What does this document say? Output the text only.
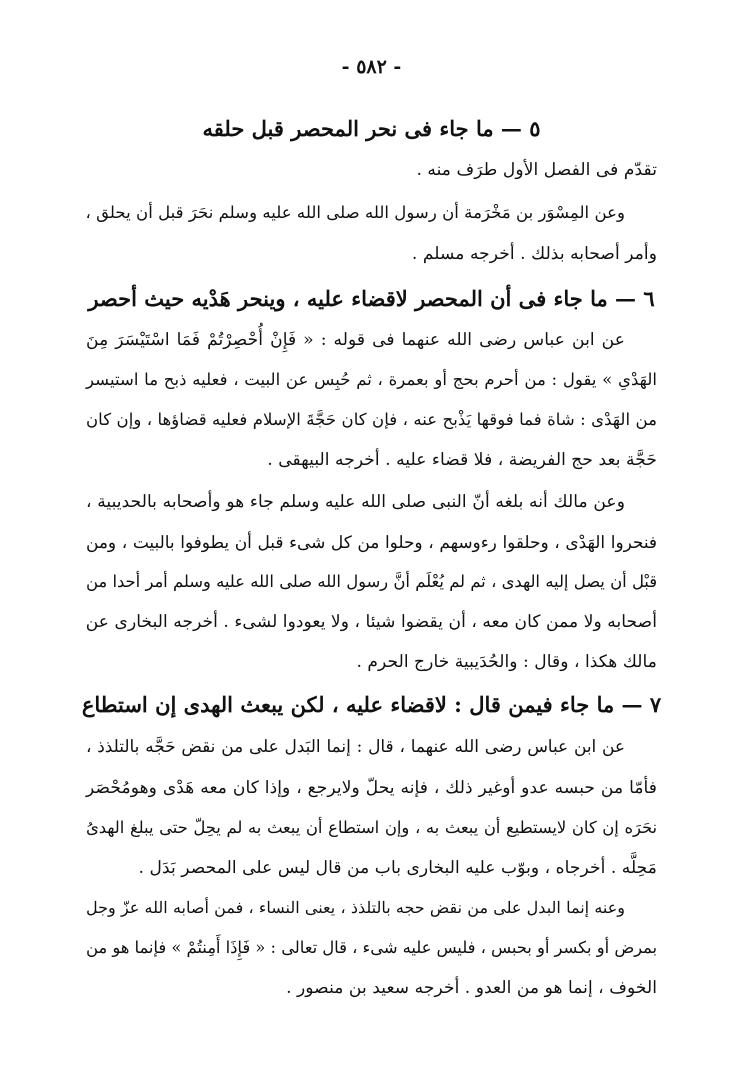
- ٥٨٢ -
٥ — ما جاء فى نحر المحصر قبل حلقه
تقدّم فى الفصل الأول طرَف منه .
وعن المِسْوَر بن مَخْرَمة أن رسول الله صلى الله عليه وسلم نحَرَ قبل أن يحلق ،
وأمر أصحابه بذلك . أخرجه مسلم .
٦ — ما جاء فى أن المحصر لاقضاء عليه ، وينحر هَدْيه حيث أحصر
عن ابن عباس رضى الله عنهما فى قوله : « فَإِنْ أُحْصِرْتُمْ فَمَا اسْتَيْسَرَ مِنَ
الهَدْىِ » يقول : من أحرم بحج أو بعمرة ، ثم حُبِس عن البيت ، فعليه ذبح ما استيسر
من الهَدْى : شاة فما فوقها يَذْبح عنه ، فإن كان حَجَّةَ الإسلام فعليه قضاؤها ، وإن كان
حَجَّة بعد حج الفريضة ، فلا قضاء عليه . أخرجه البيهقى .
وعن مالك أنه بلغه أنّ النبى صلى الله عليه وسلم جاء هو وأصحابه بالحديبية ،
فنحروا الهَدْى ، وحلقوا رءوسهم ، وحلوا من كل شىء قبل أن يطوفوا بالبيت ، ومن
قبْل أن يصل إليه الهدى ، ثم لم يُعْلَم أنَّ رسول الله صلى الله عليه وسلم أمر أحدا من
أصحابه ولا ممن كان معه ، أن يقضوا شيئا ، ولا يعودوا لشىء . أخرجه البخارى عن
مالك هكذا ، وقال : والحُدَيبية خارج الحرم .
٧ — ما جاء فيمن قال : لاقضاء عليه ، لكن يبعث الهدى إن استطاع
عن ابن عباس رضى الله عنهما ، قال : إنما البَدل على من نقض حَجَّه بالتلذذ ،
فأمّا من حبسه عدو أوغير ذلك ، فإنه يحلّ ولايرجع ، وإذا كان معه هَدْى وهومُحْصَر
نحَرَه إن كان لايستطيع أن يبعث به ، وإن استطاع أن يبعث به لم يحِلّ حتى يبلغ الهدىُ
مَحِلَّه . أخرجاه ، وبوّب عليه البخارى باب من قال ليس على المحصر بَدَل .
وعنه إنما البدل على من نقض حجه بالتلذذ ، يعنى النساء ، فمن أصابه الله عزّ وجل
بمرض أو بكسر أو بحبس ، فليس عليه شىء ، قال تعالى : « فَإِذَا أَمِنتُمْ » فإنما هو من
الخوف ، إنما هو من العدو . أخرجه سعيد بن منصور .
